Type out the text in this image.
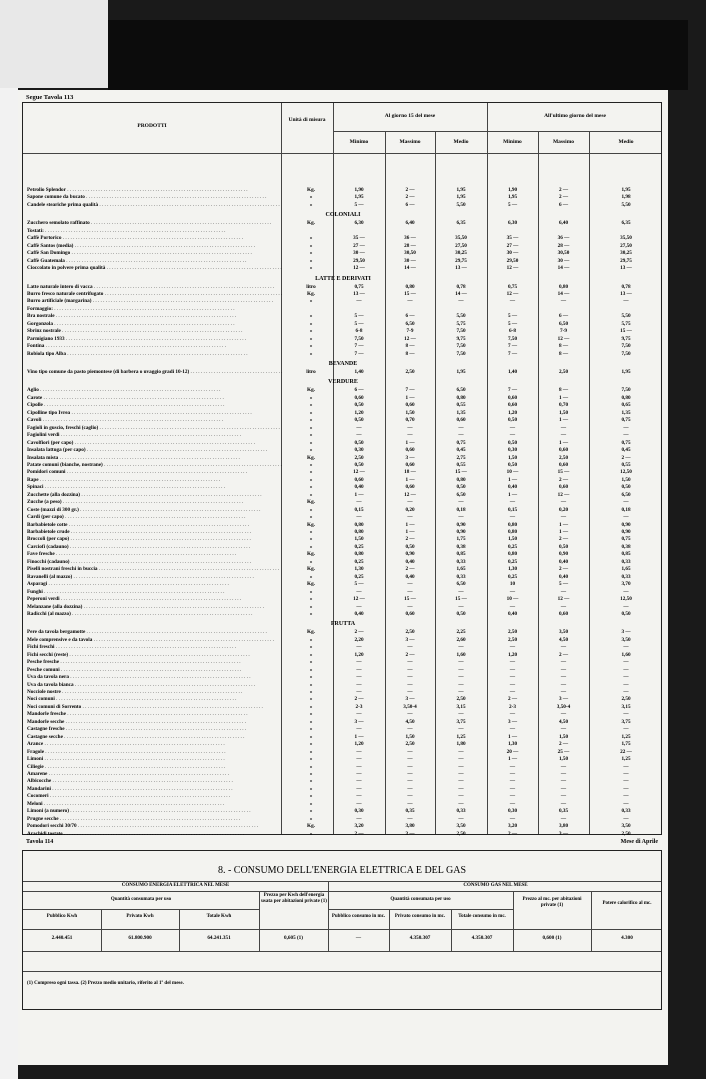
Segue Tavola 113
PRODOTTI
Unità di misura
Al giorno 15 del mese	All'ultimo giorno del mese
Minimo	Massimo	Medio	Minimo	Massimo	Medio
Petrolio Splendor . . .	Kg.	1,90	2 —	1,95	1,90	2 —	1,95
Sapone comune da bucato . . .	»	1,95	2 —	1,95	1,95	2 —	1,98
Candele steariche prima qualità . . .	»	5 —	6 —	5,50	5 —	6 —	5,50
COLONIALI
Zucchero semolato raffinato . . .	Kg.	6,30	6,40	6,35	6,30	6,40	6,35
Tostati: . . .
Caffè Portorico . . .	»	35 —	36 —	35,50	35 —	36 —	35,50
Caffè Santos (media) . . .	»	27 —	28 —	27,50	27 —	28 —	27,50
Caffè San Domingo . . .	»	30 —	30,50	30,25	30 —	30,50	30,25
Caffè Guatemala . . .	»	29,50	30 —	29,75	29,50	30 —	29,75
Cioccolato in polvere prima qualità . . .	»	12 —	14 —	13 —	12 —	14 —	13 —
LATTE E DERIVATI
Latte naturale intero di vacca . . .	litro	0,75	0,80	0,78	0,75	0,80	0,78
Burro fresco naturale centrifugato . . .	Kg.	13 —	15 —	14 —	12 —	14 —	13 —
Burro artificiale (margarina) . . .	»	—	—	—	—	—	—
Formaggio: . . .
Bra nostrale . . .	»	5 —	6 —	5,50	5 —	6 —	5,50
Gorgonzola . . .	»	5 —	6,50	5,75	5 —	6,50	5,75
Sbrinz nostrale . . .	»	6-8	7-9	7,50	6-8	7-9	15 —
Parmigiano 1933 . . .	»	7,50	12 —	9,75	7,50	12 —	9,75
Fontina . . .	»	7 —	8 —	7,50	7 —	8 —	7,50
Robiola tipo Alba . . .	»	7 —	8 —	7,50	7 —	8 —	7,50
BEVANDE
Vino tipo comune da pasto piemontese (di barbera o uvaggio gradi 10-12) . . .	litro	1,40	2,50	1,95	1,40	2,50	1,95
VERDURE
Aglio . . .	Kg.	6 —	7 —	6,50	7 —	8 —	7,50
Carote . . .	»	0,60	1 —	0,80	0,60	1 —	0,80
Cipolle . . .	»	0,50	0,60	0,55	0,60	0,70	0,65
Cipolline tipo Ivrea . . .	»	1,20	1,50	1,35	1,20	1,50	1,35
Cavoli . . .	»	0,50	0,70	0,60	0,50	1 —	0,75
Fagioli in guscio, freschi (caglio) . . .	»	—	—	—	—	—	—
Fagiolini verdi . . .	»	—	—	—	—	—	—
Cavolfiori (per capo) . . .	»	0,50	1 —	0,75	0,50	1 —	0,75
Insalata lattuga (per capo) . . .	»	0,30	0,60	0,45	0,30	0,60	0,45
Insalata mista . . .	Kg.	2,50	3 —	2,75	1,50	2,50	2 —
Patate comuni (bianche, nostrane) . . .	»	0,50	0,60	0,55	0,50	0,60	0,55
Pomidori comuni . . .	»	12 —	18 —	15 —	10 —	15 —	12,50
Rape . . .	»	0,60	1 —	0,80	1 —	2 —	1,50
Spinaci . . .	»	0,40	0,60	0,50	0,40	0,60	0,50
Zucchette (alla dozzina) . . .	»	1 —	12 —	6,50	1 —	12 —	6,50
Zucche (a peso) . . .	Kg.	—	—	—	—	—	—
Coste (mazzi di 300 gr.) . . .	»	0,15	0,20	0,18	0,15	0,20	0,18
Cardi (per capo) . . .	»	—	—	—	—	—	—
Barbabietole cotte . . .	Kg.	0,80	1 —	0,90	0,80	1 —	0,90
Barbabietole crude . . .	»	0,80	1 —	0,90	0,80	1 —	0,90
Broccoli (per capo) . . .	»	1,50	2 —	1,75	1,50	2 —	0,75
Carciofi (cadauno) . . .	»	0,25	0,50	0,38	0,25	0,50	0,38
Fave fresche . . .	Kg.	0,80	0,90	0,85	0,80	0,90	0,85
Finocchi (cadauno) . . .	»	0,25	0,40	0,33	0,25	0,40	0,33
Piselli nostrani freschi in buccia . . .	Kg.	1,30	2 —	1,65	1,30	2 —	1,65
Ravanelli (al mazzo) . . .	»	0,25	0,40	0,33	0,25	0,40	0,33
Asparagi . . .	Kg.	5 —	—	6,50	10	5 —	3,70
Funghi . . .	»	—	—	—	—	—	—
Peperoni verdi . . .	»	12 —	15 —	15 —	10 —	12 —	12,50
Melanzane (alla dozzina) . . .	»	—	—	—	—	—	—
Radicchi (al mazzo) . . .	»	0,40	0,60	0,50	0,40	0,60	0,50
FRUTTA
Pere da tavola bergamotte . . .	Kg.	2 —	2,50	2,25	2,50	3,50	3 —
Mele comprensive e da tavola . . .	»	2,20	3 —	2,60	2,50	4,50	3,50
Fichi freschi . . .	»	—	—	—	—	—	—
Fichi secchi (reste) . . .	»	1,20	2 —	1,60	1,20	2 —	1,60
Pesche fresche . . .	»	—	—	—	—	—	—
Pesche comuni . . .	»	—	—	—	—	—	—
Uva da tavola nera . . .	»	—	—	—	—	—	—
Uva da tavola bianca . . .	»	—	—	—	—	—	—
Nocciole nostre . . .	»	—	—	—	—	—	—
Noci comuni . . .	»	2 —	3 —	2,50	2 —	3 —	2,50
Noci comuni di Sorrento . . .	»	2-3	3,50-4	3,15	2-3	3,50-4	3,15
Mandorle fresche . . .	»	—	—	—	—	—	—
Mandorle secche . . .	»	3 —	4,50	3,75	3 —	4,50	3,75
Castagne fresche . . .	»	—	—	—	—	—	—
Castagne secche . . .	»	1 —	1,50	1,25	1 —	1,50	1,25
Arance . . .	»	1,20	2,50	1,80	1,30	2 —	1,75
Fragole . . .	»	—	—	—	20 —	25 —	22 —
Limoni . . .	»	—	—	—	1 —	1,50	1,25
Ciliegie . . .	»	—	—	—	—	—	—
Amarene . . .	»	—	—	—	—	—	—
Albicocche . . .	»	—	—	—	—	—	—
Mandarini . . .	»	—	—	—	—	—	—
Cocomeri . . .	»	—	—	—	—	—	—
Meloni . . .	»	—	—	—	—	—	—
Limoni (a numero) . . .	»	0,30	0,35	0,33	0,30	0,35	0,33
Prugne secche . . .	»	—	—	—	—	—	—
Pomodori secchi 30/70 . . .	Kg.	3,20	3,80	3,50	3,20	3,80	3,50
Arachidi tostate . . .	»	2 —	3 —	2,50	2 —	3 —	2,50
Tavola 114	Mese di Aprile
8. - CONSUMO DELL'ENERGIA ELETTRICA E DEL GAS
CONSUMO ENERGIA ELETTRICA NEL MESE	CONSUMO GAS NEL MESE
Quantità consumata per uso
Prezzo per Kwh dell'energia usata per abitazioni private (1)	Quantità consumata per uso	Prezzo al mc. per abitazioni private (1)	Potere calorifico al mc.
Pubblico Kwh	Privato Kwh	Totale Kwh	Pubblico consumo in mc.	Privato consumo in mc.	Totale consumo in mc.
2.440.451	61.800.900	64.241.351	0,605 (1)	—	4.350.307	4.350.307	0,600 (1)	4.300
(1) Compreso ogni tassa. (2) Prezzo medio unitario, riferito al 1º del mese.
